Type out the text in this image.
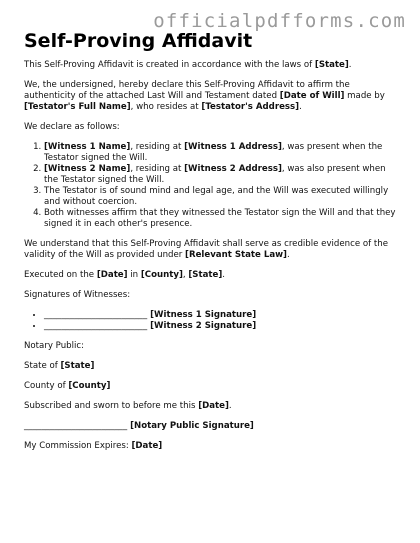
officialpdfforms.com
Self-Proving Affidavit

This Self-Proving Affidavit is created in accordance with the laws of [State].

We, the undersigned, hereby declare this Self-Proving Affidavit to affirm the authenticity of the attached Last Will and Testament dated [Date of Will] made by [Testator's Full Name], who resides at [Testator's Address].

We declare as follows:

1. [Witness 1 Name], residing at [Witness 1 Address], was present when the Testator signed the Will.
2. [Witness 2 Name], residing at [Witness 2 Address], was also present when the Testator signed the Will.
3. The Testator is of sound mind and legal age, and the Will was executed willingly and without coercion.
4. Both witnesses affirm that they witnessed the Testator sign the Will and that they signed it in each other's presence.

We understand that this Self-Proving Affidavit shall serve as credible evidence of the validity of the Will as provided under [Relevant State Law].

Executed on the [Date] in [County], [State].

Signatures of Witnesses:

• ________________________ [Witness 1 Signature]
• ________________________ [Witness 2 Signature]

Notary Public:

State of [State]

County of [County]

Subscribed and sworn to before me this [Date].

________________________ [Notary Public Signature]

My Commission Expires: [Date]
